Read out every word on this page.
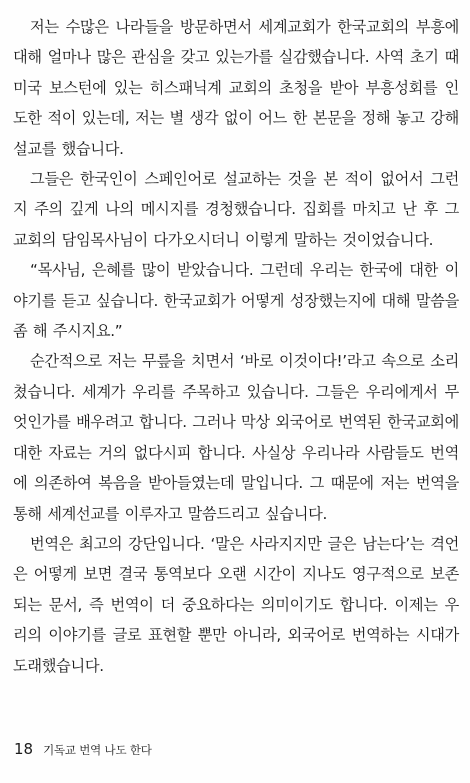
저는 수많은 나라들을 방문하면서 세계교회가 한국교회의 부흥에 대해 얼마나 많은 관심을 갖고 있는가를 실감했습니다. 사역 초기 때 미국 보스턴에 있는 히스패닉계 교회의 초청을 받아 부흥성회를 인도한 적이 있는데, 저는 별 생각 없이 어느 한 본문을 정해 놓고 강해설교를 했습니다.

그들은 한국인이 스페인어로 설교하는 것을 본 적이 없어서 그런지 주의 깊게 나의 메시지를 경청했습니다. 집회를 마치고 난 후 그 교회의 담임목사님이 다가오시더니 이렇게 말하는 것이었습니다.

“목사님, 은혜를 많이 받았습니다. 그런데 우리는 한국에 대한 이야기를 듣고 싶습니다. 한국교회가 어떻게 성장했는지에 대해 말씀을 좀 해 주시지요.”

순간적으로 저는 무릎을 치면서 ‘바로 이것이다!’라고 속으로 소리쳤습니다. 세계가 우리를 주목하고 있습니다. 그들은 우리에게서 무엇인가를 배우려고 합니다. 그러나 막상 외국어로 번역된 한국교회에 대한 자료는 거의 없다시피 합니다. 사실상 우리나라 사람들도 번역에 의존하여 복음을 받아들였는데 말입니다. 그 때문에 저는 번역을 통해 세계선교를 이루자고 말씀드리고 싶습니다.

번역은 최고의 강단입니다. ‘말은 사라지지만 글은 남는다’는 격언은 어떻게 보면 결국 통역보다 오랜 시간이 지나도 영구적으로 보존되는 문서, 즉 번역이 더 중요하다는 의미이기도 합니다. 이제는 우리의 이야기를 글로 표현할 뿐만 아니라, 외국어로 번역하는 시대가 도래했습니다.

18 기독교 번역 나도 한다
